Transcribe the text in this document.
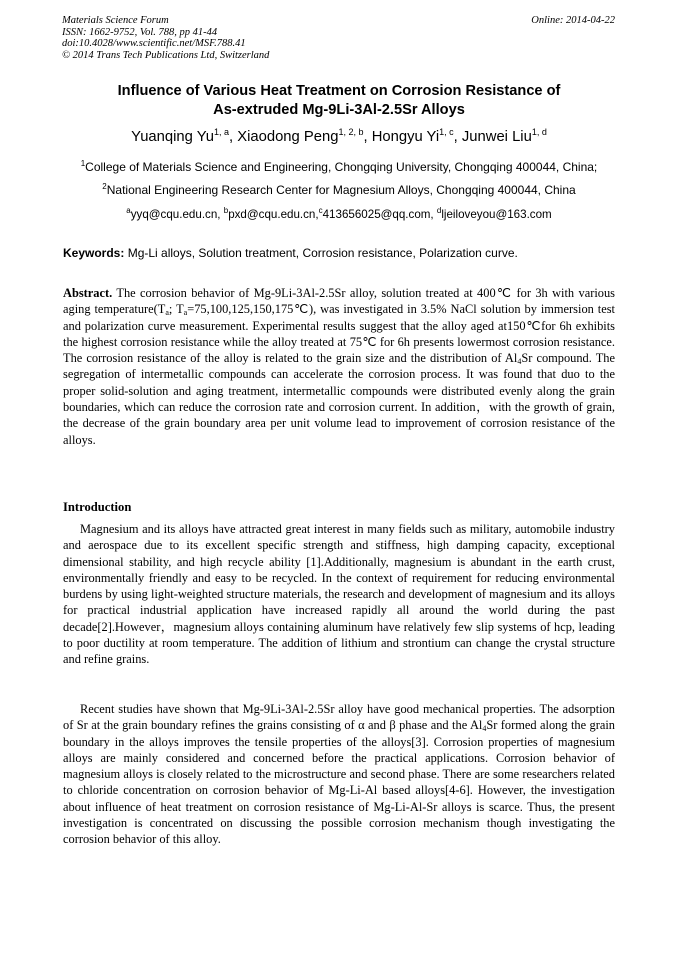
Materials Science Forum
ISSN: 1662-9752, Vol. 788, pp 41-44
doi:10.4028/www.scientific.net/MSF.788.41
© 2014 Trans Tech Publications Ltd, Switzerland
Online: 2014-04-22
Influence of Various Heat Treatment on Corrosion Resistance of
As-extruded Mg-9Li-3Al-2.5Sr Alloys
Yuanqing Yu$^{1, a}$, Xiaodong Peng$^{1, 2, b}$, Hongyu Yi$^{1, c}$, Junwei Liu$^{1, d}$
$^1$College of Materials Science and Engineering, Chongqing University, Chongqing 400044, China;
$^2$National Engineering Research Center for Magnesium Alloys, Chongqing 400044, China
$^a$yyq@cqu.edu.cn, $^b$pxd@cqu.edu.cn,$^c$413656025@qq.com, $^d$ljeiloveyou@163.com
Keywords: Mg-Li alloys, Solution treatment, Corrosion resistance, Polarization curve.

Abstract. The corrosion behavior of Mg-9Li-3Al-2.5Sr alloy, solution treated at 400℃ for 3h with various aging $temperature(T_a$; $T_a=75,100,125,150,175℃$), was investigated in 3.5% NaCl solution by immersion test and polarization curve measurement. Experimental results suggest that the alloy aged at150℃for 6h exhibits the highest corrosion resistance while the alloy treated at 75℃ for 6h presents lowermost corrosion resistance. The corrosion resistance of the alloy is related to the grain size and the distribution of $Al_4Sr$ compound. The segregation of intermetallic compounds can accelerate the corrosion process. It was found that duo to the proper solid-solution and aging treatment, intermetallic compounds were distributed evenly along the grain boundaries, which can reduce the corrosion rate and corrosion current. In addition，with the growth of grain, the decrease of the grain boundary area per unit volume lead to improvement of corrosion resistance of the alloys.

Introduction

Magnesium and its alloys have attracted great interest in many fields such as military, automobile industry and aerospace due to its excellent specific strength and stiffness, high damping capacity, exceptional dimensional stability, and high recycle ability [1].Additionally, magnesium is abundant in the earth crust, environmentally friendly and easy to be recycled. In the context of requirement for reducing environmental burdens by using light-weighted structure materials, the research and development of magnesium and its alloys for practical industrial application have increased rapidly all around the world during the past decade[2].However，magnesium alloys containing aluminum have relatively few slip systems of hcp, leading to poor ductility at room temperature. The addition of lithium and strontium can change the crystal structure and refine grains.

Recent studies have shown that Mg-9Li-3Al-2.5Sr alloy have good mechanical properties. The adsorption of Sr at the grain boundary refines the grains consisting of α and β phase and the $Al_4Sr$ formed along the grain boundary in the alloys improves the tensile properties of the alloys[3]. Corrosion properties of magnesium alloys are mainly considered and concerned before the practical applications. Corrosion behavior of magnesium alloys is closely related to the microstructure and second phase. There are some researchers related to chloride concentration on corrosion behavior of Mg-Li-Al based alloys[4-6]. However, the investigation about influence of heat treatment on corrosion resistance of Mg-Li-Al-Sr alloys is scarce. Thus, the present investigation is concentrated on discussing the possible corrosion mechanism though investigating the corrosion behavior of this alloy.
